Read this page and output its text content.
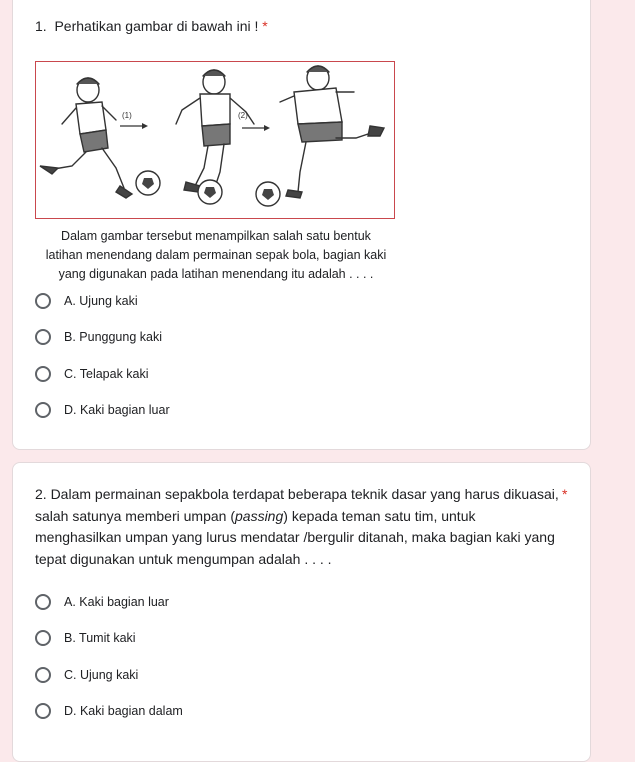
1. Perhatikan gambar di bawah ini ! *
(1)	(2)
Dalam gambar tersebut menampilkan salah satu bentuk
latihan menendang dalam permainan sepak bola, bagian kaki
yang digunakan pada latihan menendang itu adalah . . . .
A. Ujung kaki
B. Punggung kaki
C. Telapak kaki
D. Kaki bagian luar
2. Dalam permainan sepakbola terdapat beberapa teknik dasar yang harus dikuasai, salah satunya memberi umpan (passing) kepada teman satu tim, untuk menghasilkan umpan yang lurus mendatar /bergulir ditanah, maka bagian kaki yang tepat digunakan untuk mengumpan adalah . . . .
*
A. Kaki bagian luar
B. Tumit kaki
C. Ujung kaki
D. Kaki bagian dalam
